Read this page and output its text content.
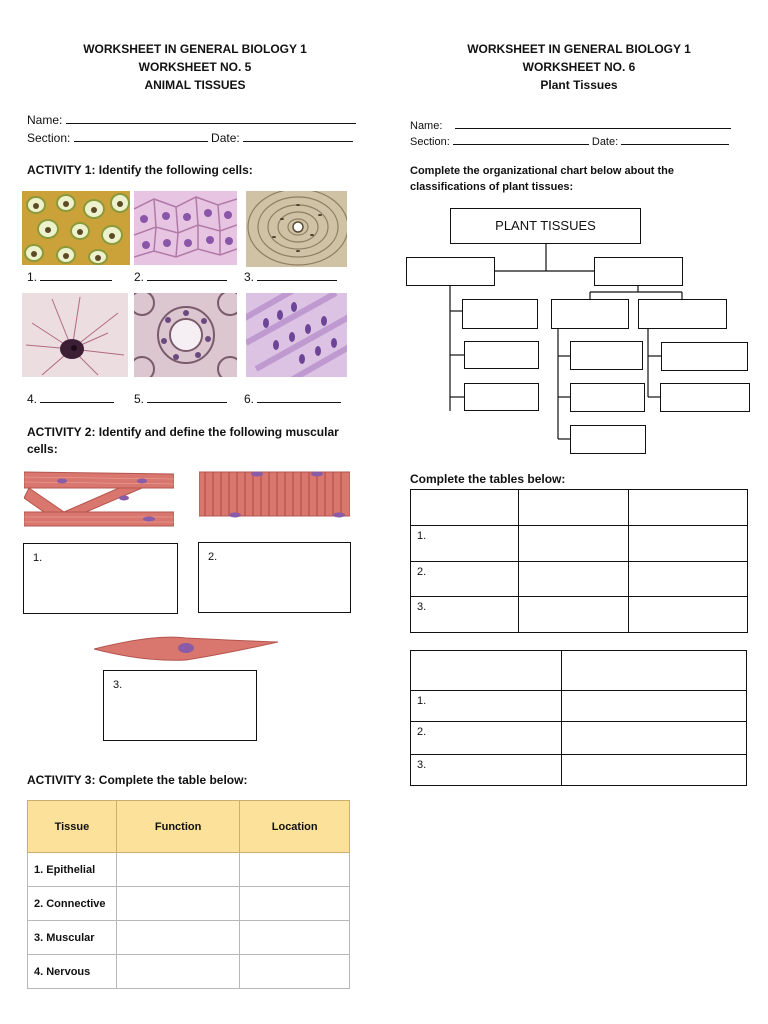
WORKSHEET IN GENERAL BIOLOGY 1
WORKSHEET NO. 5
ANIMAL TISSUES
Name:
Section:	Date:
ACTIVITY 1: Identify the following cells:
1.	2.	3.
4.	5.	6.
ACTIVITY 2: Identify and define the following muscular
cells:
1.	2.
3.
ACTIVITY 3: Complete the table below:
Tissue	Function	Location
1. Epithelial		
2. Connective		
3. Muscular		
4. Nervous		
WORKSHEET IN GENERAL BIOLOGY 1
WORKSHEET NO. 6
Plant Tissues
Name:
Section:	Date:
Complete the organizational chart below about the
classifications of plant tissues:
PLANT TISSUES
Complete the tables below:

1.		
2.		
3.		

1.	
2.	
3.	
